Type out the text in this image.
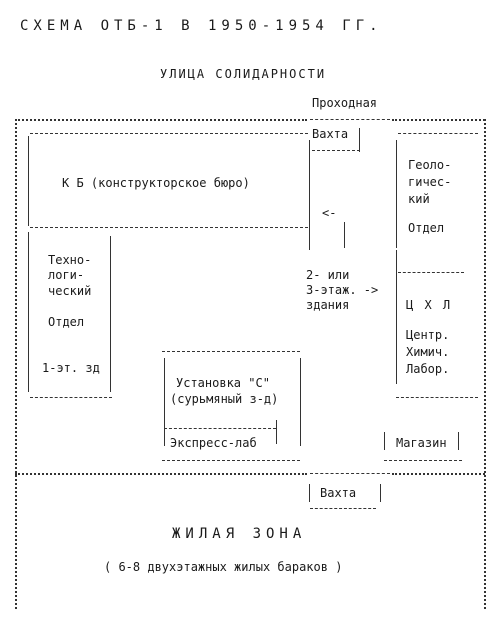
СХЕМА ОТБ-1 В 1950-1954 ГГ.
УЛИЦА СОЛИДАРНОСТИ
Проходная
К Б (конструкторское бюро)
Вахта
<-
2- или
3-этаж. ->
здания
Геоло-
гичес-
кий
Отдел
Ц Х Л
Центр.
Химич.
Лабор.
Техно-
логи-
ческий
Отдел
1-эт. зд
Установка "С"
(сурьмяный з-д)
Экспресс-лаб	Магазин
Вахта
ЖИЛАЯ ЗОНА
( 6-8 двухэтажных жилых бараков )
